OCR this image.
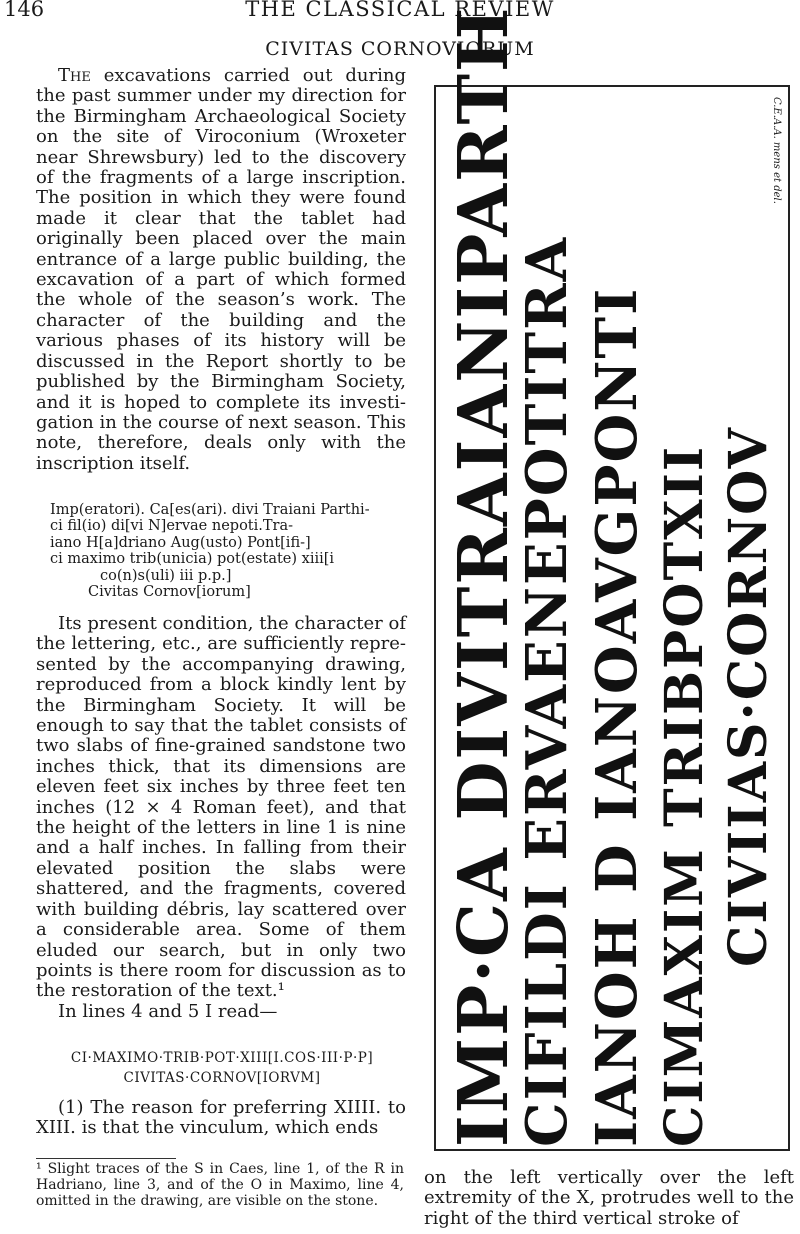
146	THE CLASSICAL REVIEW
CIVITAS CORNOVIORUM

The excavations carried out during the past summer under my direction for the Birmingham Archaeological Society on the site of Viroconium (Wroxeter near Shrewsbury) led to the discovery of the fragments of a large inscription. The position in which they were found made it clear that the tablet had originally been placed over the main entrance of a large public building, the excavation of a part of which formed the whole of the season’s work. The character of the building and the various phases of its history will be discussed in the Report shortly to be published by the Birmingham Society, and it is hoped to complete its investi-gation in the course of next season. This note, therefore, deals only with the inscription itself.

Imp(eratori). Ca[es(ari). divi Traiani Parthi-
ci fil(io) di[vi N]ervae nepoti.Tra-
iano H[a]driano Aug(usto) Pont[ifi-]
ci maximo trib(unicia) pot(estate) xiii[i
co(n)s(uli) iii p.p.]
Civitas Cornov[iorum]

Its present condition, the character of the lettering, etc., are sufficiently repre-sented by the accompanying drawing, reproduced from a block kindly lent by the Birmingham Society. It will be enough to say that the tablet consists of two slabs of fine-grained sandstone two inches thick, that its dimensions are eleven feet six inches by three feet ten inches (12 × 4 Roman feet), and that the height of the letters in line 1 is nine and a half inches. In falling from their elevated position the slabs were shattered, and the fragments, covered with building débris, lay scattered over a considerable area. Some of them eluded our search, but in only two points is there room for discussion as to the restoration of the text.¹

In lines 4 and 5 I read—

CI·MAXIMO·TRIB·POT·XIII[I.COS·III·P·P]
CIVITAS·CORNOV[IORVM]

(1) The reason for preferring XIIII. to XIII. is that the vinculum, which ends

¹ Slight traces of the S in Caes, line 1, of the R in Hadriano, line 3, and of the O in Maximo, line 4, omitted in the drawing, are visible on the stone.
on the left vertically over the left extremity of the X, protrudes well to the right of the third vertical stroke of
C.E.A.A. mens et del.
IMP·CA DIVITRAIANIPARTH
CIFILDI ERVAENEPOTITRA IANOH D IANOAVGPONTI CIMAXIM TRIBPOTXII CIVIIAS·CORNOV
